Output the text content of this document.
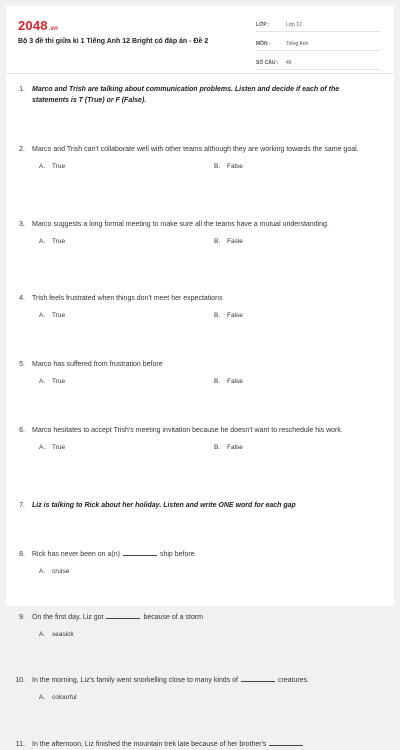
2048.vn
Bộ 3 đề thi giữa kì 1 Tiếng Anh 12 Bright có đáp án - Đề 2
LỚP :	Lớp 12
MÔN :	Tiếng Anh
SỐ CÂU :	46
1.	Marco and Trish are talking about communication problems. Listen and decide if each of the statements is T (True) or F (False).
2.	Marco and Trish can't collaborate well with other teams although they are working towards the same goal.
A.	True	B.	False
3.	Marco suggests a long formal meeting to make sure all the teams have a mutual understanding.
A.	True	B.	Fasle
4.	Trish feels frustrated when things don't meet her expectations
A.	True	B.	False
5.	Marco has suffered from frustration before
A.	True	B.	False
6.	Marco hesitates to accept Trish's meeting invitation because he doesn't want to reschedule his work.
A.	True	B.	False
7.	Liz is talking to Rick about her holiday. Listen and write ONE word for each gap
8.	Rick has never been on a(n)	ship before
A.	cruise
9.	On the first day, Liz got	because of a storm
A.	seasick
10.	In the morning, Liz's family went snorkelling close to many kinds of	creatures.
A.	colourful
11.	In the afternoon, Liz finished the mountain trek late because of her brother's
